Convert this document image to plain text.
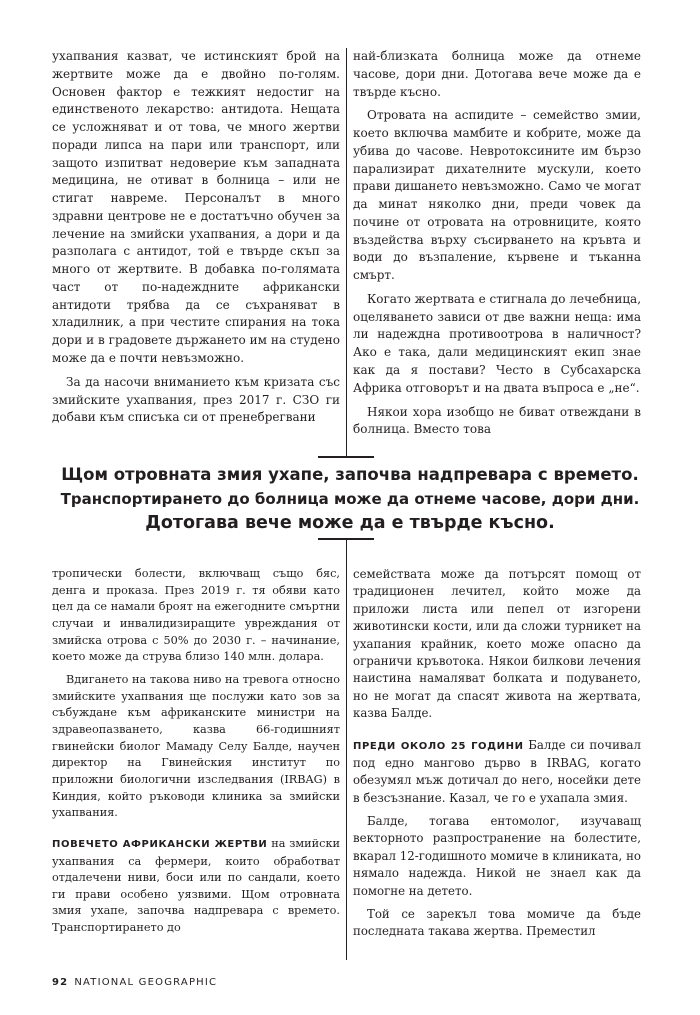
ухапвания казват, че истинският брой на жертвите може да е двойно по-голям. Основен фактор е тежкият недостиг на единственото лекарство: антидота. Нещата се усложняват и от това, че много жертви поради липса на пари или транспорт, или защото изпитват недоверие към западната медицина, не отиват в болница – или не стигат навреме. Персоналът в много здравни центрове не е достатъчно обучен за лечение на змийски ухапвания, а дори и да разполага с антидот, той е твърде скъп за много от жертвите. В добавка по-голямата част от по-надеждните африкански антидоти трябва да се съхраняват в хладилник, а при честите спирания на тока дори и в градовете държането им на студено може да е почти невъзможно.

За да насочи вниманието към кризата със змийските ухапвания, през 2017 г. СЗО ги добави към списъка си от пренебрегвани

най-близката болница може да отнеме часове, дори дни. Дотогава вече може да е твърде късно.

Отровата на аспидите – семейство змии, което включва мамбите и кобрите, може да убива до часове. Невротоксините им бързо парализират дихателните мускули, което прави дишането невъзможно. Само че могат да минат няколко дни, преди човек да почине от отровата на отровниците, която въздейства върху съсирването на кръвта и води до възпаление, кървене и тъканна смърт.

Когато жертвата е стигнала до лечебница, оцеляването зависи от две важни неща: има ли надеждна противоотрова в наличност? Ако е така, дали медицинският екип знае как да я постави? Често в Субсахарска Африка отговорът и на двата въпроса е „не“.

Някои хора изобщо не биват отвеждани в болница. Вместо това

Щом отровната змия ухапе, започва надпревара с времето.
Транспортирането до болница може да отнеме часове, дори дни.
Дотогава вече може да е твърде късно.

тропически болести, включващ също бяс, денга и проказа. През 2019 г. тя обяви като цел да се намали броят на ежегодните смъртни случаи и инвалидизиращите увреждания от змийска отрова с 50% до 2030 г. – начинание, което може да струва близо 140 млн. долара.

Вдигането на такова ниво на тревога относно змийските ухапвания ще послужи като зов за събуждане към африканските министри на здравеопазването, казва 66-годишният гвинейски биолог Мамаду Селу Балде, научен директор на Гвинейския институт по приложни биологични изследвания (IRBAG) в Киндия, който ръководи клиника за змийски ухапвания.

ПОВЕЧЕТО АФРИКАНСКИ ЖЕРТВИ на змийски ухапвания са фермери, които обработват отдалечени ниви, боси или по сандали, което ги прави особено уязвими. Щом отровната змия ухапе, започва надпревара с времето. Транспортирането до

семействата може да потърсят помощ от традиционен лечител, който може да приложи листа или пепел от изгорени животински кости, или да сложи турникет на ухапания крайник, което може опасно да ограничи кръвотока. Някои билкови лечения наистина намаляват болката и подуването, но не могат да спасят живота на жертвата, казва Балде.

ПРЕДИ ОКОЛО 25 ГОДИНИ Балде си почивал под едно мангово дърво в IRBAG, когато обезумял мъж дотичал до него, носейки дете в безсъзнание. Казал, че го е ухапала змия.

Балде, тогава ентомолог, изучаващ векторното разпространение на болестите, вкарал 12-годишното момиче в клиниката, но нямало надежда. Никой не знаел как да помогне на детето.

Той се зарекъл това момиче да бъде последната такава жертва. Преместил

92 NATIONAL GEOGRAPHIC
